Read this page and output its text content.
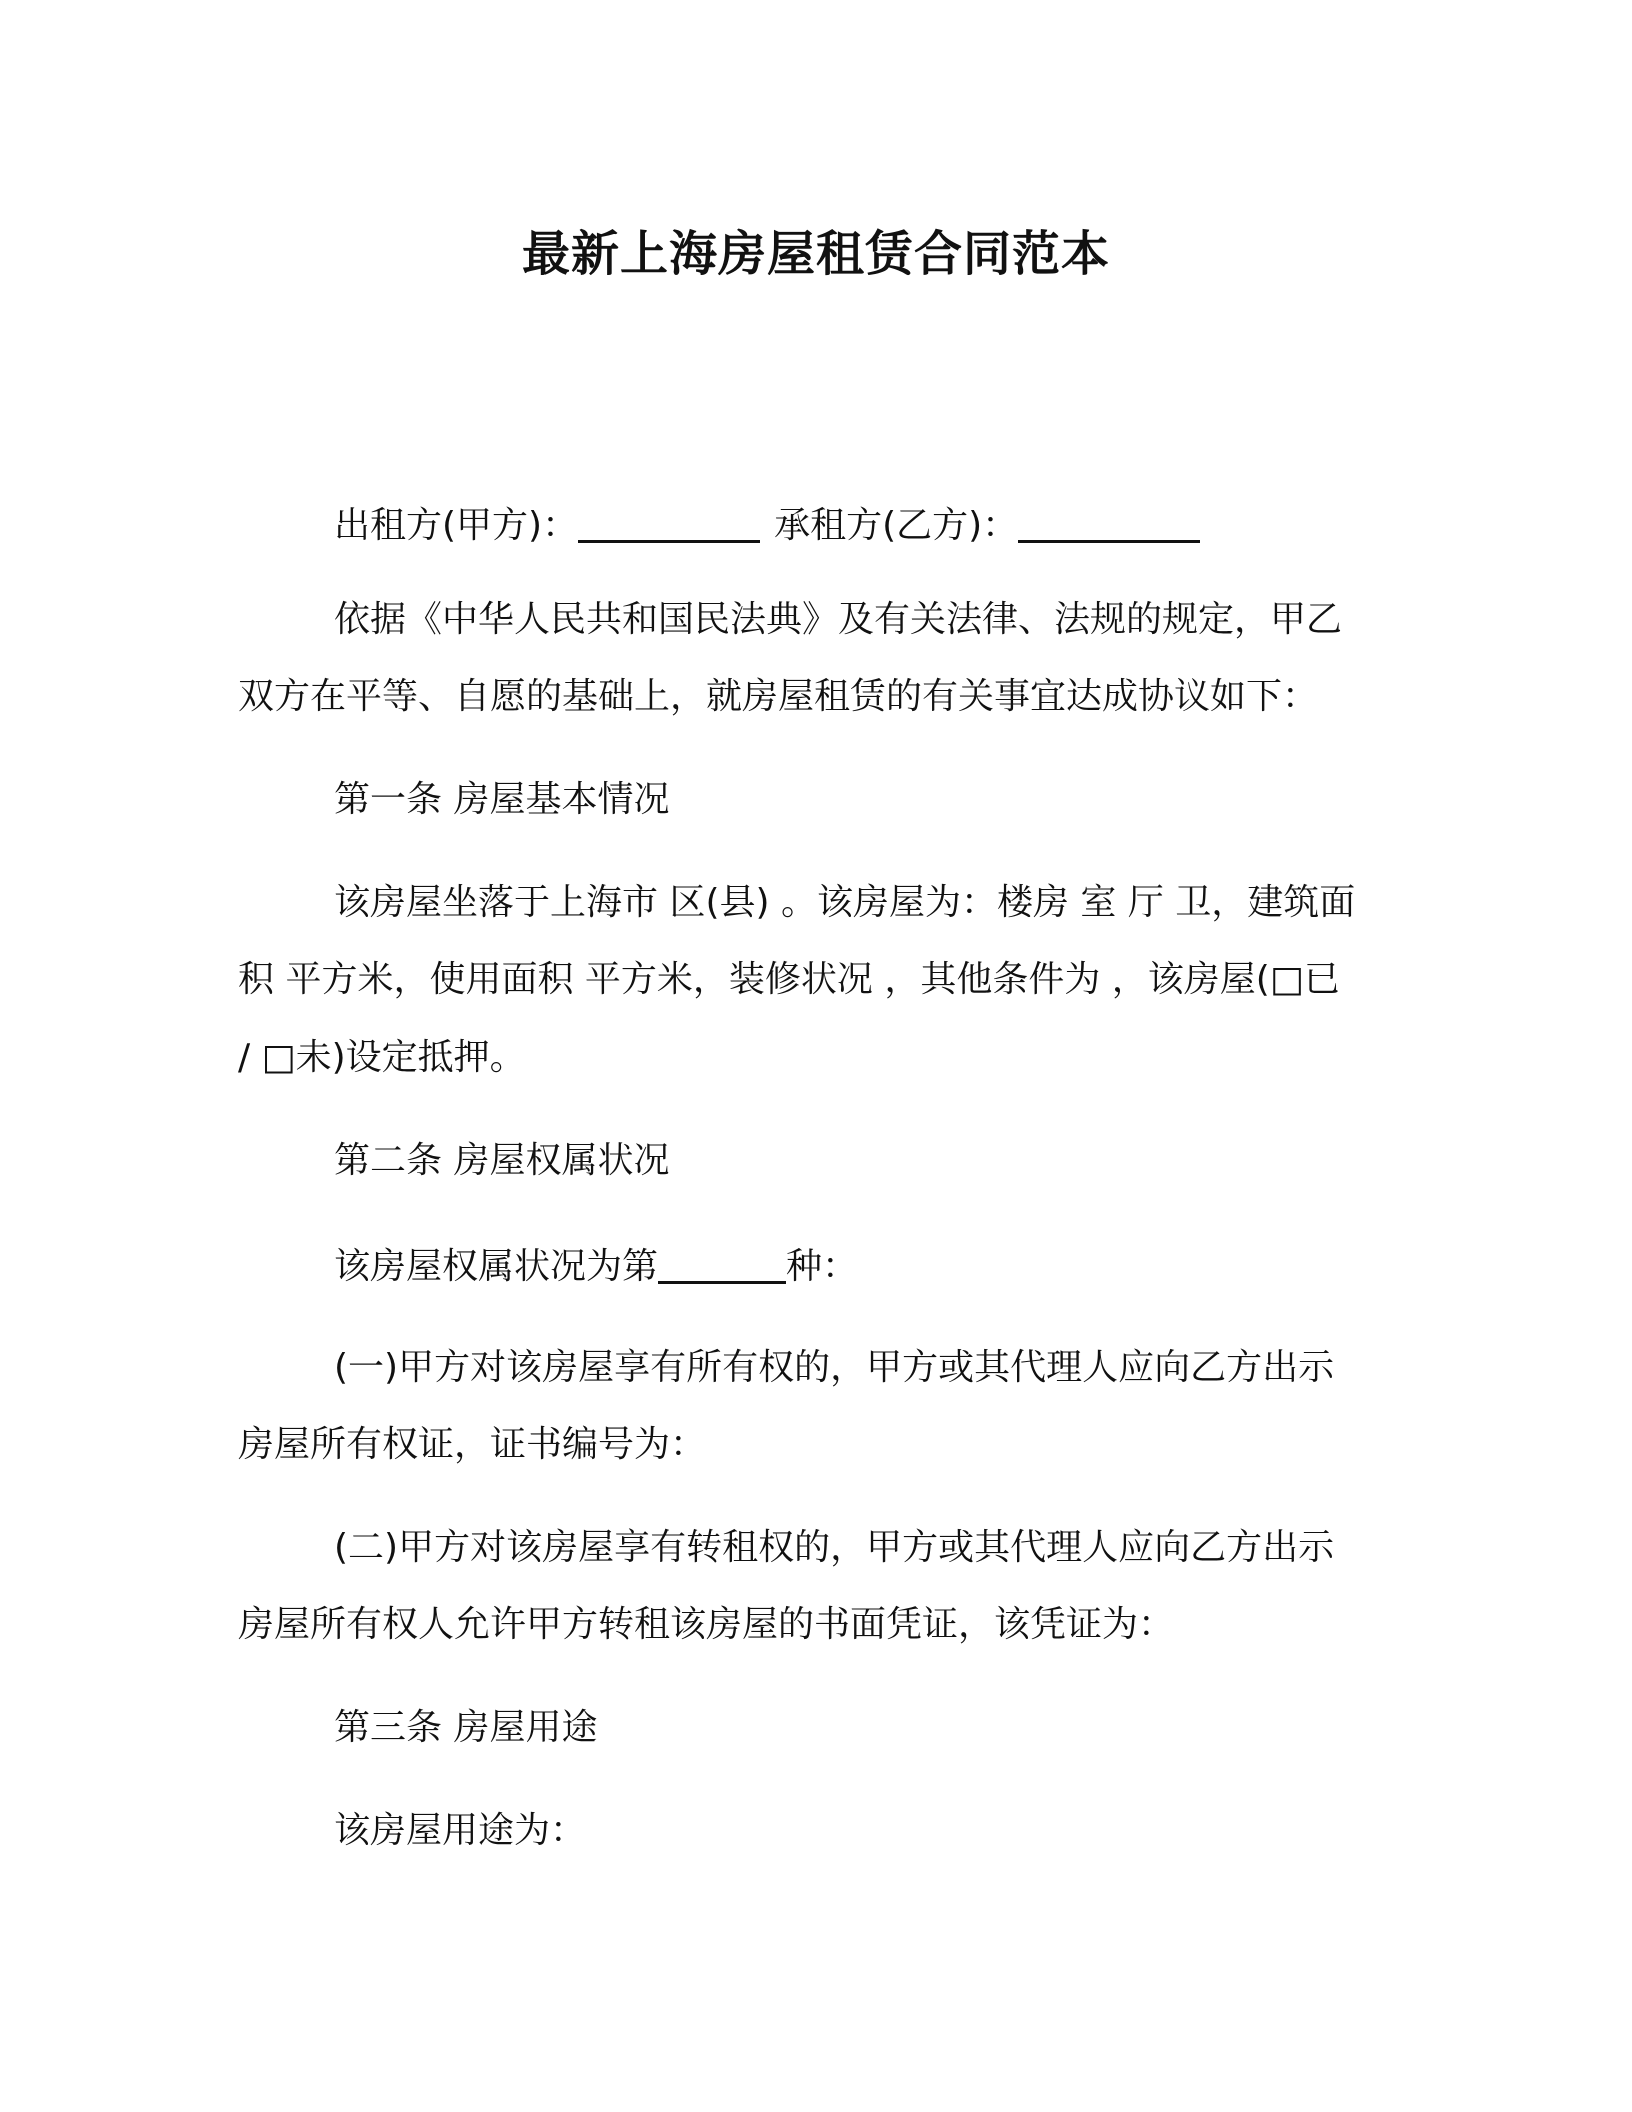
最新上海房屋租赁合同范本
出租方(甲方)：	承租方(乙方)：
依据《中华人民共和国民法典》及有关法律、法规的规定，甲乙
双方在平等、自愿的基础上，就房屋租赁的有关事宜达成协议如下：
第一条 房屋基本情况
该房屋坐落于上海市 区(县) 。该房屋为：楼房 室 厅 卫，建筑面
积 平方米，使用面积 平方米，装修状况 ，其他条件为 ，该房屋(□已
/ □未)设定抵押。
第二条 房屋权属状况
该房屋权属状况为第	种：
(一)甲方对该房屋享有所有权的，甲方或其代理人应向乙方出示
房屋所有权证，证书编号为：
(二)甲方对该房屋享有转租权的，甲方或其代理人应向乙方出示
房屋所有权人允许甲方转租该房屋的书面凭证，该凭证为：
第三条 房屋用途
该房屋用途为：
